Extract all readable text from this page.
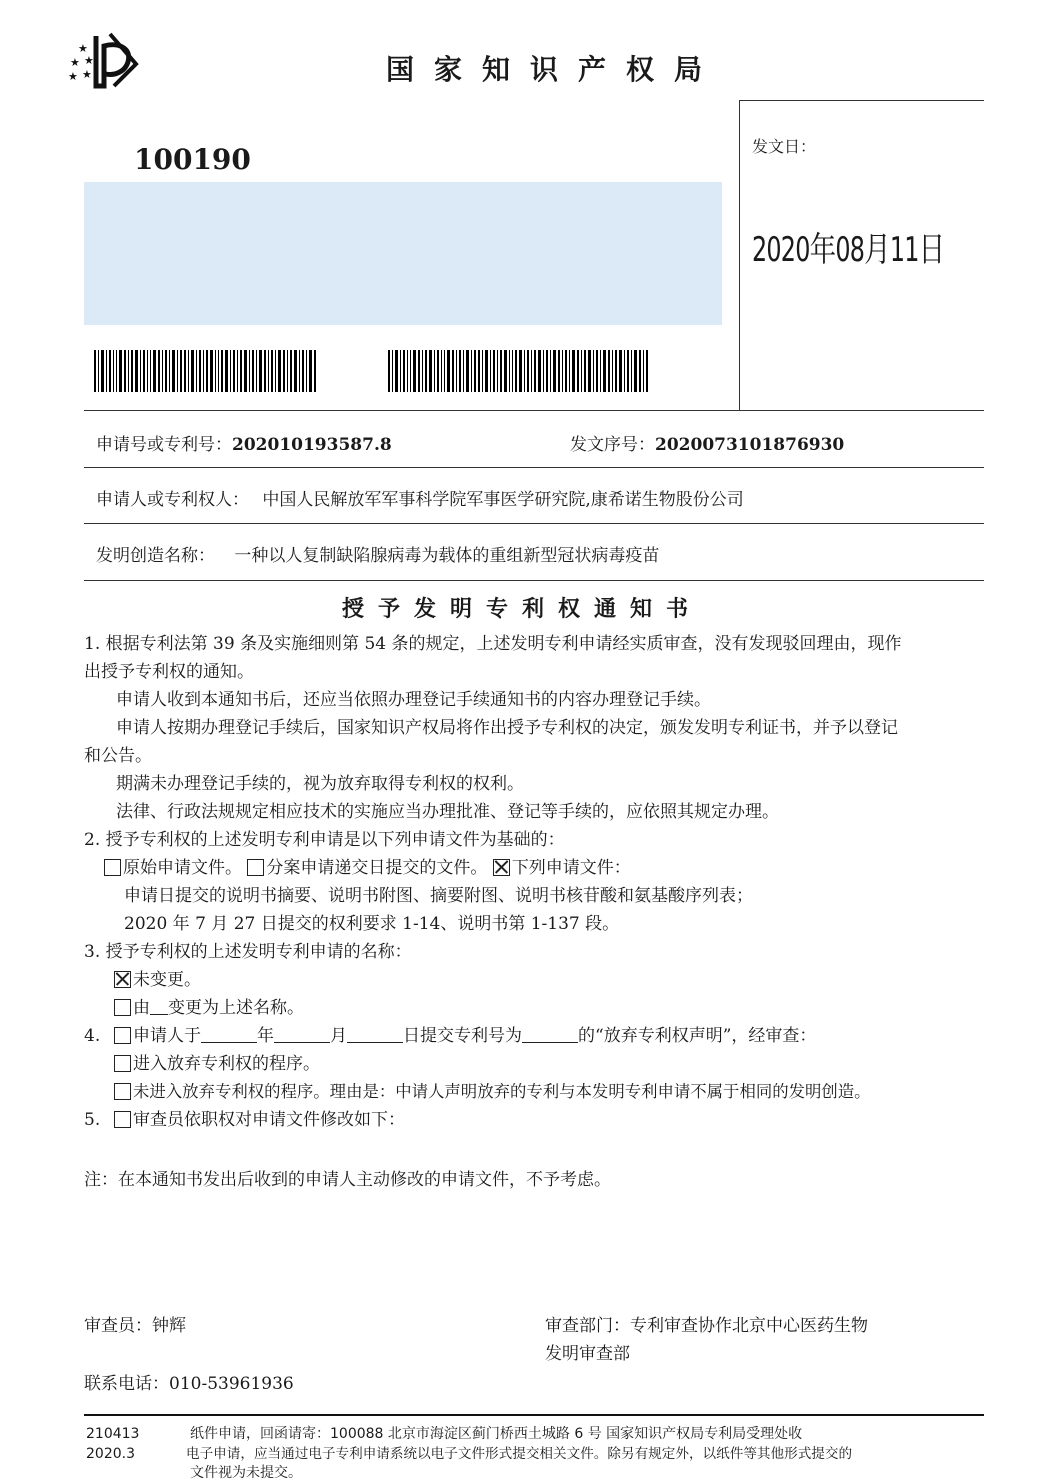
★
★
★ ★
★	国家知识产权局
100190	发文日：
2020年08月11日
申请号或专利号：202010193587.8	发文序号：2020073101876930
申请人或专利权人： 中国人民解放军军事科学院军事医学研究院,康希诺生物股份公司
发明创造名称： 一种以人复制缺陷腺病毒为载体的重组新型冠状病毒疫苗
授予发明专利权通知书
1. 根据专利法第 39 条及实施细则第 54 条的规定，上述发明专利申请经实质审查，没有发现驳回理由，现作
出授予专利权的通知。
申请人收到本通知书后，还应当依照办理登记手续通知书的内容办理登记手续。
申请人按期办理登记手续后，国家知识产权局将作出授予专利权的决定，颁发发明专利证书，并予以登记
和公告。
期满未办理登记手续的，视为放弃取得专利权的权利。
法律、行政法规规定相应技术的实施应当办理批准、登记等手续的，应依照其规定办理。
2. 授予专利权的上述发明专利申请是以下列申请文件为基础的：
原始申请文件。 分案申请递交日提交的文件。 下列申请文件：
申请日提交的说明书摘要、说明书附图、摘要附图、说明书核苷酸和氨基酸序列表；
2020 年 7 月 27 日提交的权利要求 1-14、说明书第 1-137 段。
3. 授予专利权的上述发明专利申请的名称：
未变更。
由 变更为上述名称。
4. 申请人于	年	月	日提交专利号为	的“放弃专利权声明”，经审查：
进入放弃专利权的程序。
未进入放弃专利权的程序。理由是：中请人声明放弃的专利与本发明专利申请不属于相同的发明创造。
5. 审查员依职权对申请文件修改如下：
注：在本通知书发出后收到的申请人主动修改的申请文件，不予考虑。
审查员：钟辉	审查部门：专利审查协作北京中心医药生物
发明审查部
联系电话：010-53961936
210413
2020.3
纸件申请，回函请寄：100088 北京市海淀区蓟门桥西土城路 6 号 国家知识产权局专利局受理处收
电子申请，应当通过电子专利申请系统以电子文件形式提交相关文件。除另有规定外，以纸件等其他形式提交的
文件视为未提交。
